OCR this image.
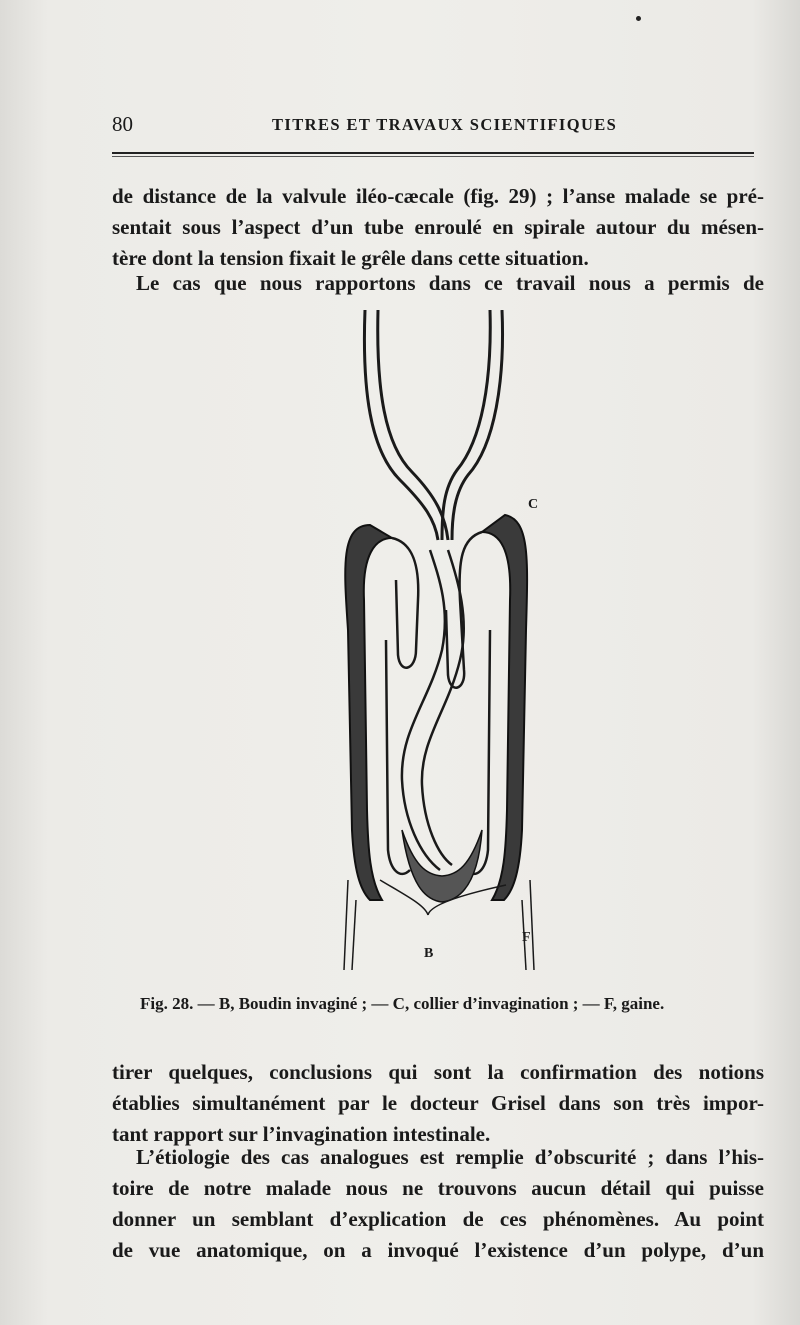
80	TITRES ET TRAVAUX SCIENTIFIQUES
de distance de la valvule iléo-cæcale (fig. 29) ; l’anse malade se pré-
sentait sous l’aspect d’un tube enroulé en spirale autour du mésen-
tère dont la tension fixait le grêle dans cette situation.
Le cas que nous rapportons dans ce travail nous a permis de
C
B
F
Fig. 28. — B, Boudin invaginé ; — C, collier d’invagination ; — F, gaine.
tirer quelques, conclusions qui sont la confirmation des notions
établies simultanément par le docteur Grisel dans son très impor-
tant rapport sur l’invagination intestinale.
L’étiologie des cas analogues est remplie d’obscurité ; dans l’his-
toire de notre malade nous ne trouvons aucun détail qui puisse
donner un semblant d’explication de ces phénomènes. Au point
de vue anatomique, on a invoqué l’existence d’un polype, d’un
